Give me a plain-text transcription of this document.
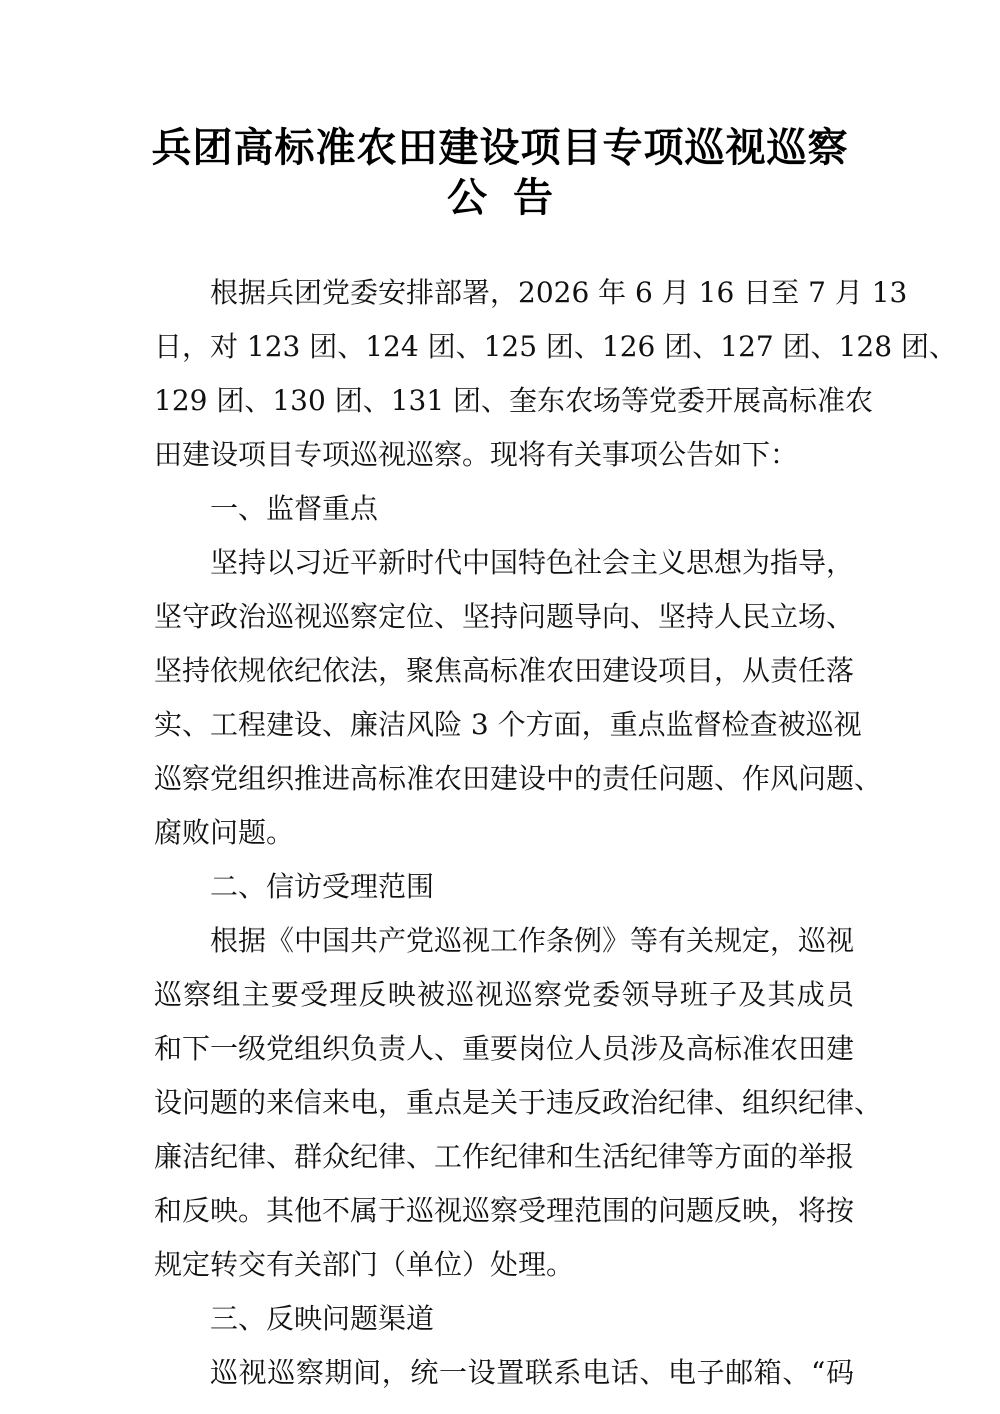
兵团高标准农田建设项目专项巡视巡察
公告
根据兵团党委安排部署，2026 年 6 月 16 日至 7 月 13
日，对 123 团、124 团、125 团、126 团、127 团、128 团、
129 团、130 团、131 团、奎东农场等党委开展高标准农
田建设项目专项巡视巡察。现将有关事项公告如下：
一、监督重点
坚持以习近平新时代中国特色社会主义思想为指导，
坚守政治巡视巡察定位、坚持问题导向、坚持人民立场、
坚持依规依纪依法，聚焦高标准农田建设项目，从责任落
实、工程建设、廉洁风险 3 个方面，重点监督检查被巡视
巡察党组织推进高标准农田建设中的责任问题、作风问题、
腐败问题。
二、信访受理范围
根据《中国共产党巡视工作条例》等有关规定，巡视
巡察组主要受理反映被巡视巡察党委领导班子及其成员
和下一级党组织负责人、重要岗位人员涉及高标准农田建
设问题的来信来电，重点是关于违反政治纪律、组织纪律、
廉洁纪律、群众纪律、工作纪律和生活纪律等方面的举报
和反映。其他不属于巡视巡察受理范围的问题反映，将按
规定转交有关部门（单位）处理。
三、反映问题渠道
巡视巡察期间，统一设置联系电话、电子邮箱、“码
